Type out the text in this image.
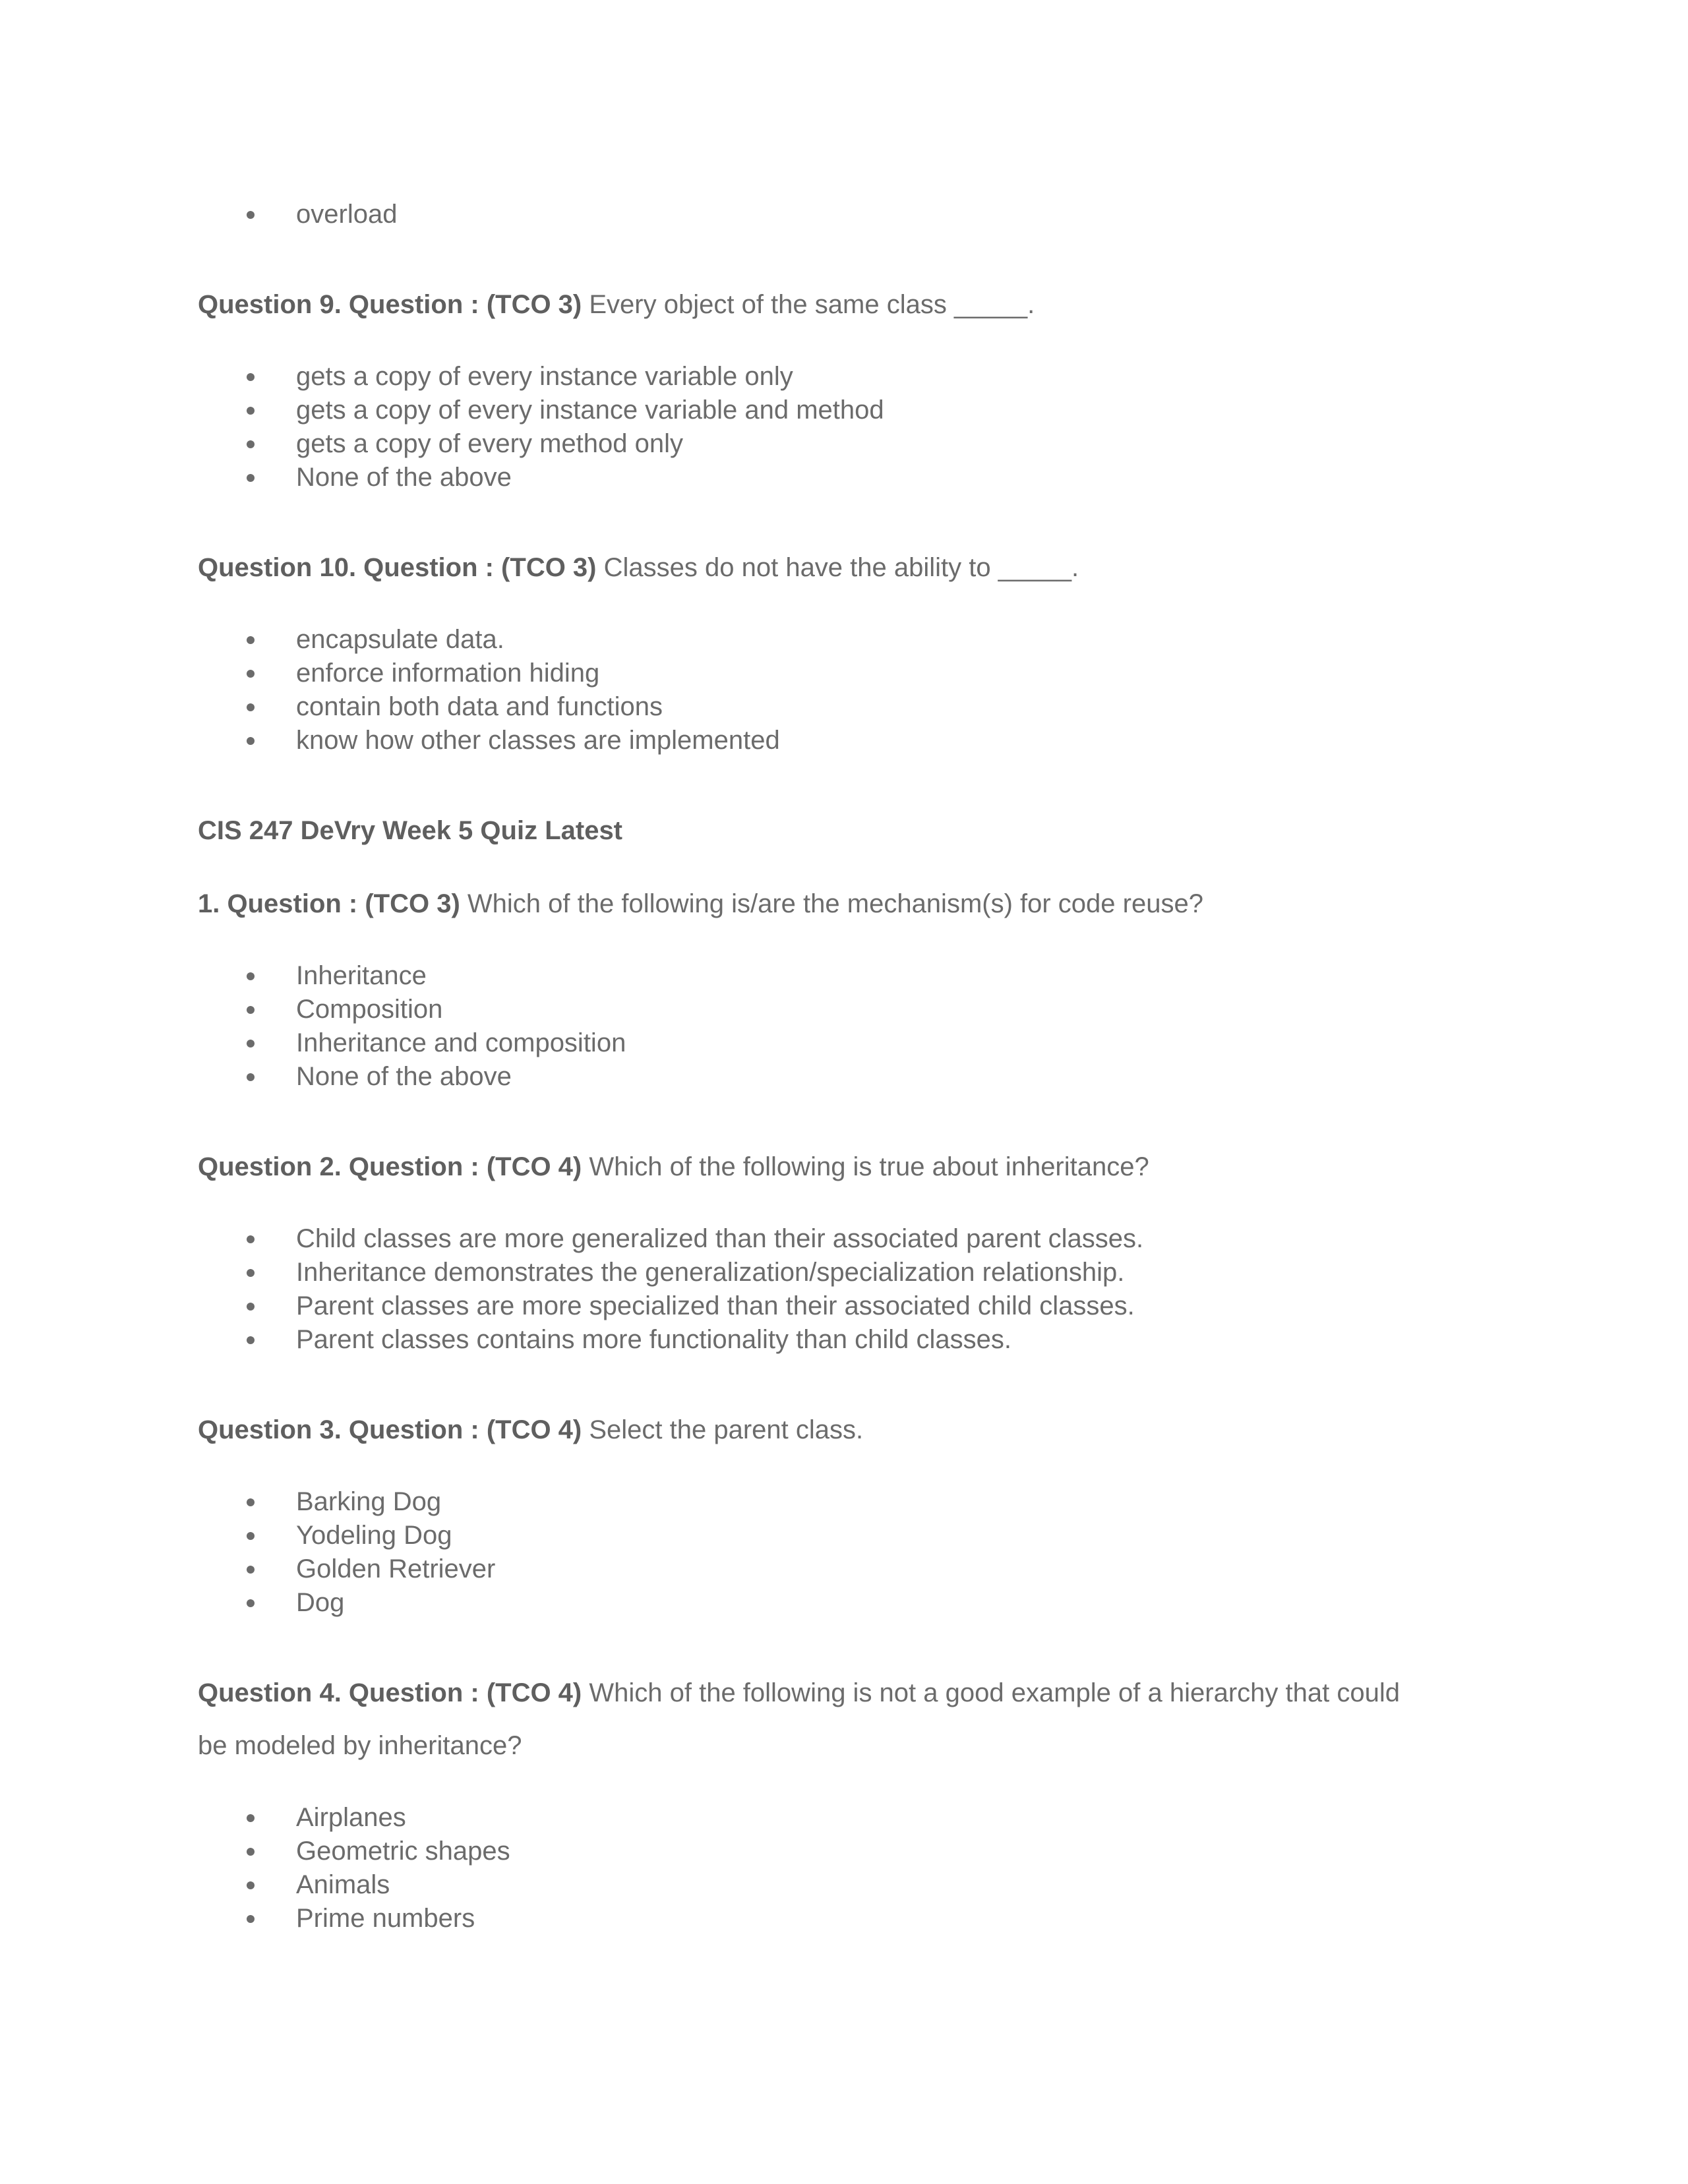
overload
Question 9. Question : (TCO 3) Every object of the same class _____.
gets a copy of every instance variable only
gets a copy of every instance variable and method
gets a copy of every method only
None of the above
Question 10. Question : (TCO 3) Classes do not have the ability to _____.
encapsulate data.
enforce information hiding
contain both data and functions
know how other classes are implemented
CIS 247 DeVry Week 5 Quiz Latest
1. Question : (TCO 3) Which of the following is/are the mechanism(s) for code reuse?
Inheritance
Composition
Inheritance and composition
None of the above
Question 2. Question : (TCO 4) Which of the following is true about inheritance?
Child classes are more generalized than their associated parent classes.
Inheritance demonstrates the generalization/specialization relationship.
Parent classes are more specialized than their associated child classes.
Parent classes contains more functionality than child classes.
Question 3. Question : (TCO 4) Select the parent class.
Barking Dog
Yodeling Dog
Golden Retriever
Dog
Question 4. Question : (TCO 4) Which of the following is not a good example of a hierarchy that could
be modeled by inheritance?
Airplanes
Geometric shapes
Animals
Prime numbers
